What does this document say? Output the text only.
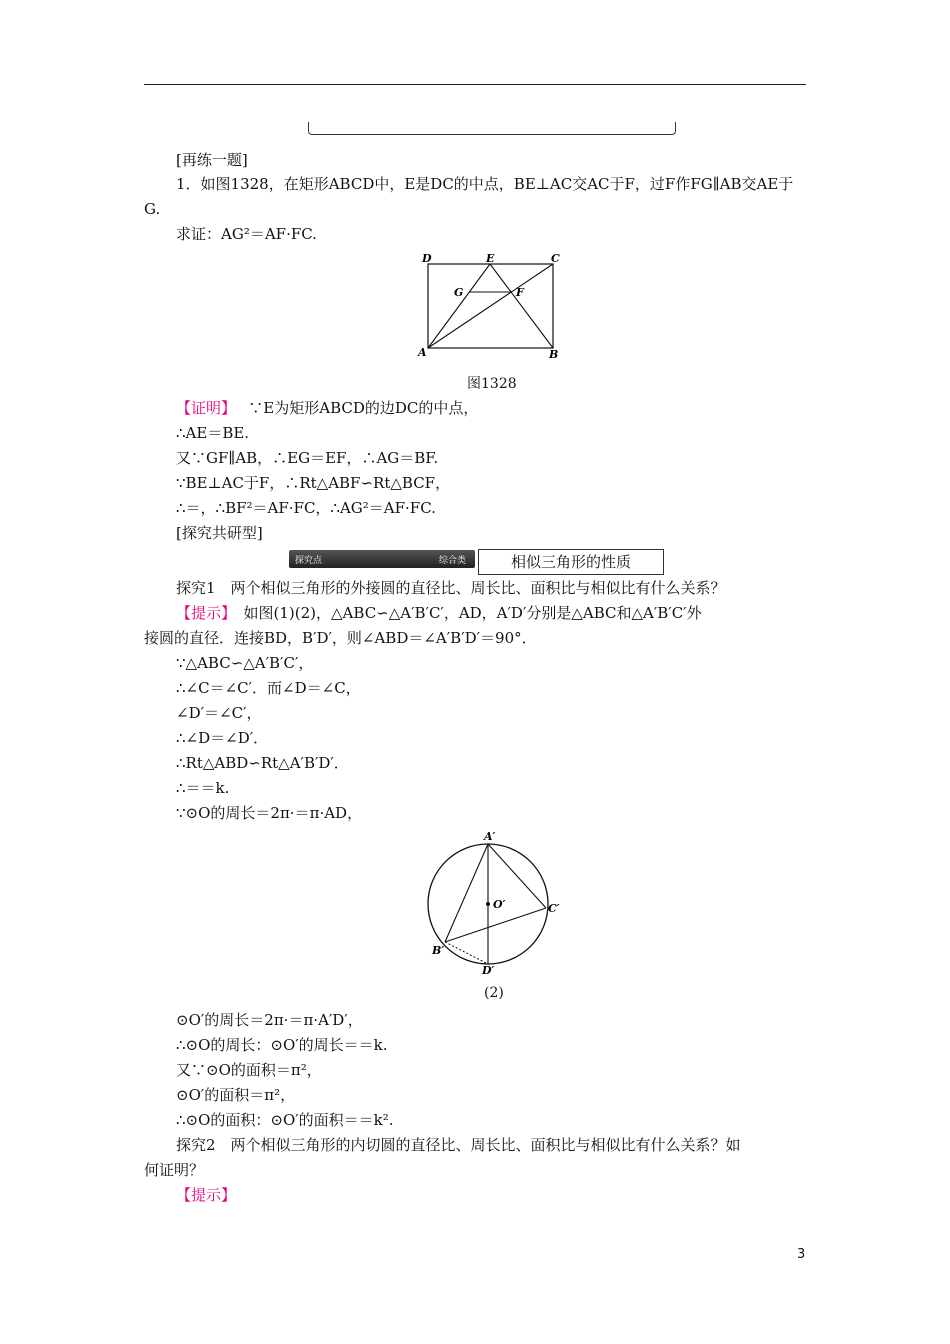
[再练一题]
1．如图1328，在矩形ABCD中，E是DC的中点，BE⊥AC交AC于F，过F作FG∥AB交AE于
G.
求证：AG²＝AF·FC.
D	E	C
G	F
A	B
图1328
【证明】　 ∵E为矩形ABCD的边DC的中点，
∴AE＝BE.
又∵GF∥AB，∴EG＝EF，∴AG＝BF.
∵BE⊥AC于F，∴Rt△ABF∽Rt△BCF，
∴＝，∴BF²＝AF·FC，∴AG²＝AF·FC.
[探究共研型]
探究点	综合类	相似三角形的性质
探究1　两个相似三角形的外接圆的直径比、周长比、面积比与相似比有什么关系？
【提示】　 如图(1)(2)，△ABC∽△A′B′C′，AD，A′D′分别是△ABC和△A′B′C′外
接圆的直径．连接BD，B′D′，则∠ABD＝∠A′B′D′＝90°．
∵△ABC∽△A′B′C′，
∴∠C＝∠C′．而∠D＝∠C，
∠D′＝∠C′，
∴∠D＝∠D′．
∴Rt△ABD∽Rt△A′B′D′．
∴＝＝k.
∵⊙O的周长＝2π·＝π·AD，
A′
O′	C′
B′
D′
(2)
⊙O′的周长＝2π·＝π·A′D′，
∴⊙O的周长：⊙O′的周长＝＝k.
又∵⊙O的面积＝π²，
⊙O′的面积＝π²，
∴⊙O的面积：⊙O′的面积＝＝k².
探究2　两个相似三角形的内切圆的直径比、周长比、面积比与相似比有什么关系？如
何证明？
【提示】
3
